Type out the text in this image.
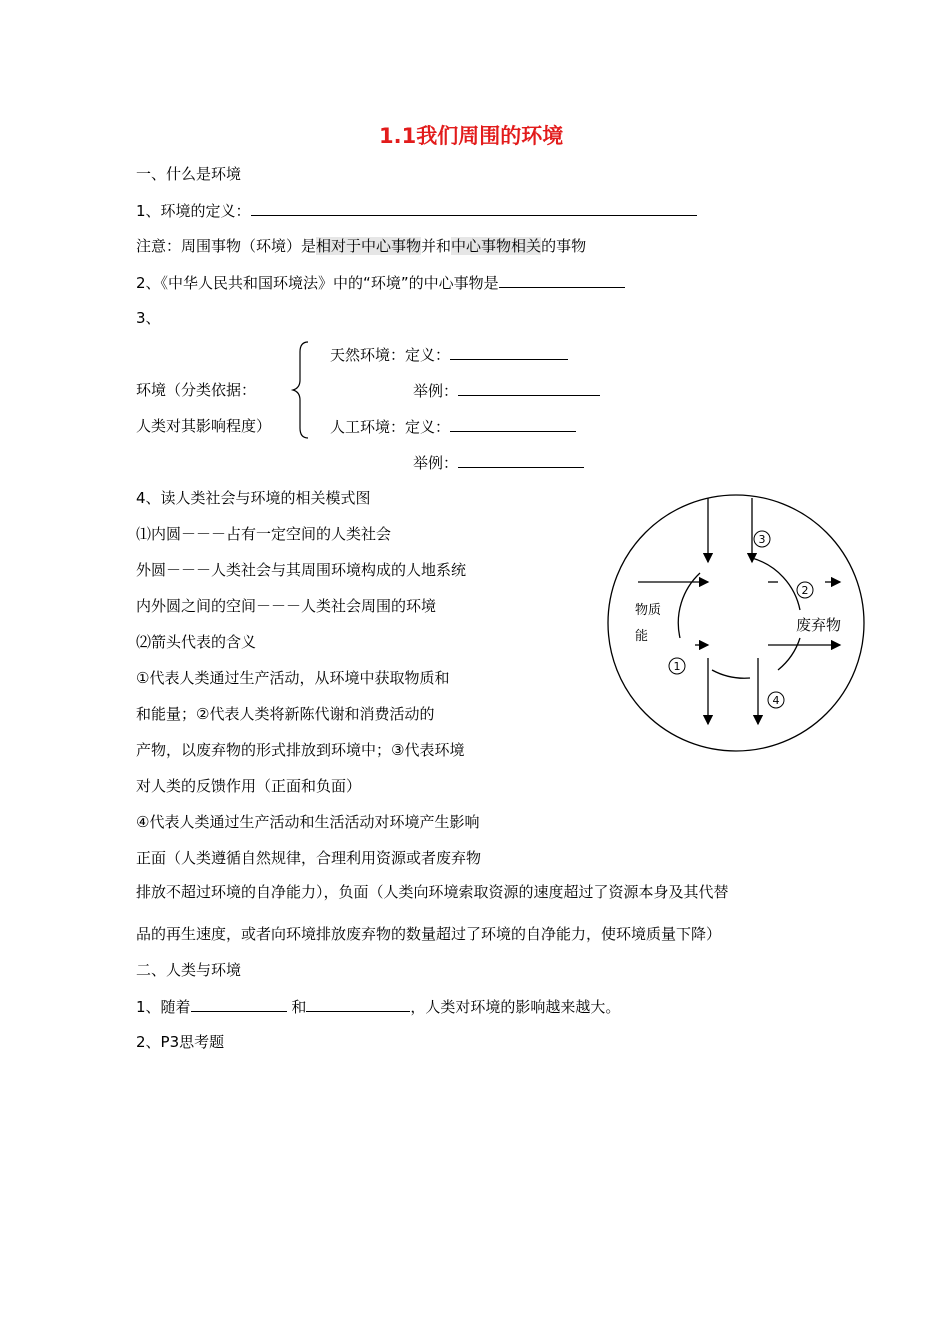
1.1我们周围的环境
一、什么是环境
1、环境的定义：
注意：周围事物（环境）是相对于中心事物并和中心事物相关的事物
2、《中华人民共和国环境法》中的“环境”的中心事物是
3、
环境（分类依据：
人类对其影响程度）
天然环境：定义：
举例：
人工环境：定义：
举例：
4、读人类社会与环境的相关模式图
⑴内圆－－－占有一定空间的人类社会
外圆－－－人类社会与其周围环境构成的人地系统
内外圆之间的空间－－－人类社会周围的环境
⑵箭头代表的含义
①代表人类通过生产活动，从环境中获取物质和
和能量；②代表人类将新陈代谢和消费活动的
产物，以废弃物的形式排放到环境中；③代表环境
对人类的反馈作用（正面和负面）
④代表人类通过生产活动和生活活动对环境产生影响
正面（人类遵循自然规律，合理利用资源或者废弃物
排放不超过环境的自净能力），负面（人类向环境索取资源的速度超过了资源本身及其代替
品的再生速度，或者向环境排放废弃物的数量超过了环境的自净能力，使环境质量下降）
二、人类与环境
1、随着	和	，人类对环境的影响越来越大。
2、P3思考题
物质
能
废弃物
1
2
3
4
